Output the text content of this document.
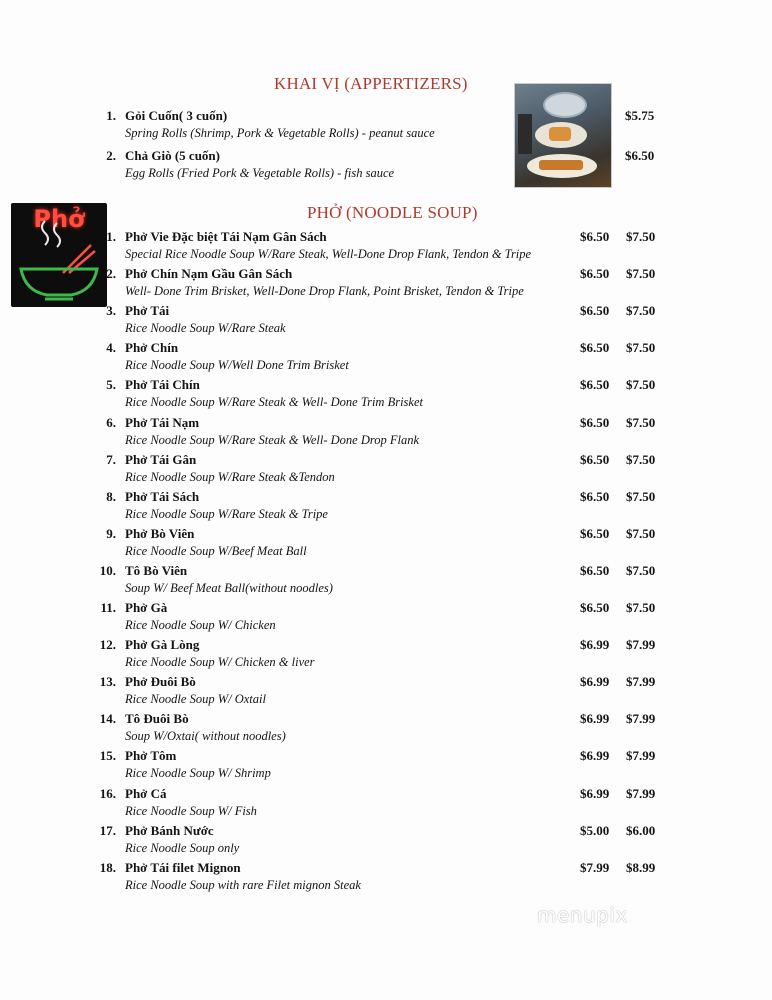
KHAI VỊ (APPERTIZERS)
1. Gỏi Cuốn( 3 cuốn)
Spring Rolls (Shrimp, Pork & Vegetable Rolls) - peanut sauce
$5.75
2. Chả Giò (5 cuốn)
Egg Rolls (Fried Pork & Vegetable Rolls) - fish sauce
$6.50
PHỞ (NOODLE SOUP)
Phở
1. Phở Vie Đặc biệt Tái Nạm Gân Sách
Special Rice Noodle Soup W/Rare Steak, Well-Done Drop Flank, Tendon & Tripe
$6.50 $7.50
2. Phở Chín Nạm Gầu Gân Sách
Well- Done Trim Brisket, Well-Done Drop Flank, Point Brisket, Tendon & Tripe
$6.50 $7.50
3. Phở Tái
Rice Noodle Soup W/Rare Steak
$6.50 $7.50
4. Phở Chín
Rice Noodle Soup W/Well Done Trim Brisket
$6.50 $7.50
5. Phở Tái Chín
Rice Noodle Soup W/Rare Steak & Well- Done Trim Brisket
$6.50 $7.50
6. Phở Tái Nạm
Rice Noodle Soup W/Rare Steak & Well- Done Drop Flank
$6.50 $7.50
7. Phở Tái Gân
Rice Noodle Soup W/Rare Steak &Tendon
$6.50 $7.50
8. Phở Tái Sách
Rice Noodle Soup W/Rare Steak & Tripe
$6.50 $7.50
9. Phở Bò Viên
Rice Noodle Soup W/Beef Meat Ball
$6.50 $7.50
10. Tô Bò Viên
Soup W/ Beef Meat Ball(without noodles)
$6.50 $7.50
11. Phở Gà
Rice Noodle Soup W/ Chicken
$6.50 $7.50
12. Phở Gà Lòng
Rice Noodle Soup W/ Chicken & liver
$6.99 $7.99
13. Phở Đuôi Bò
Rice Noodle Soup W/ Oxtail
$6.99 $7.99
14. Tô Đuôi Bò
Soup W/Oxtai( without noodles)
$6.99 $7.99
15. Phở Tôm
Rice Noodle Soup W/ Shrimp
$6.99 $7.99
16. Phở Cá
Rice Noodle Soup W/ Fish
$6.99 $7.99
17. Phở Bánh Nước
Rice Noodle Soup only
$5.00 $6.00
18. Phở Tái filet Mignon
Rice Noodle Soup with rare Filet mignon Steak
$7.99 $8.99
menupix
